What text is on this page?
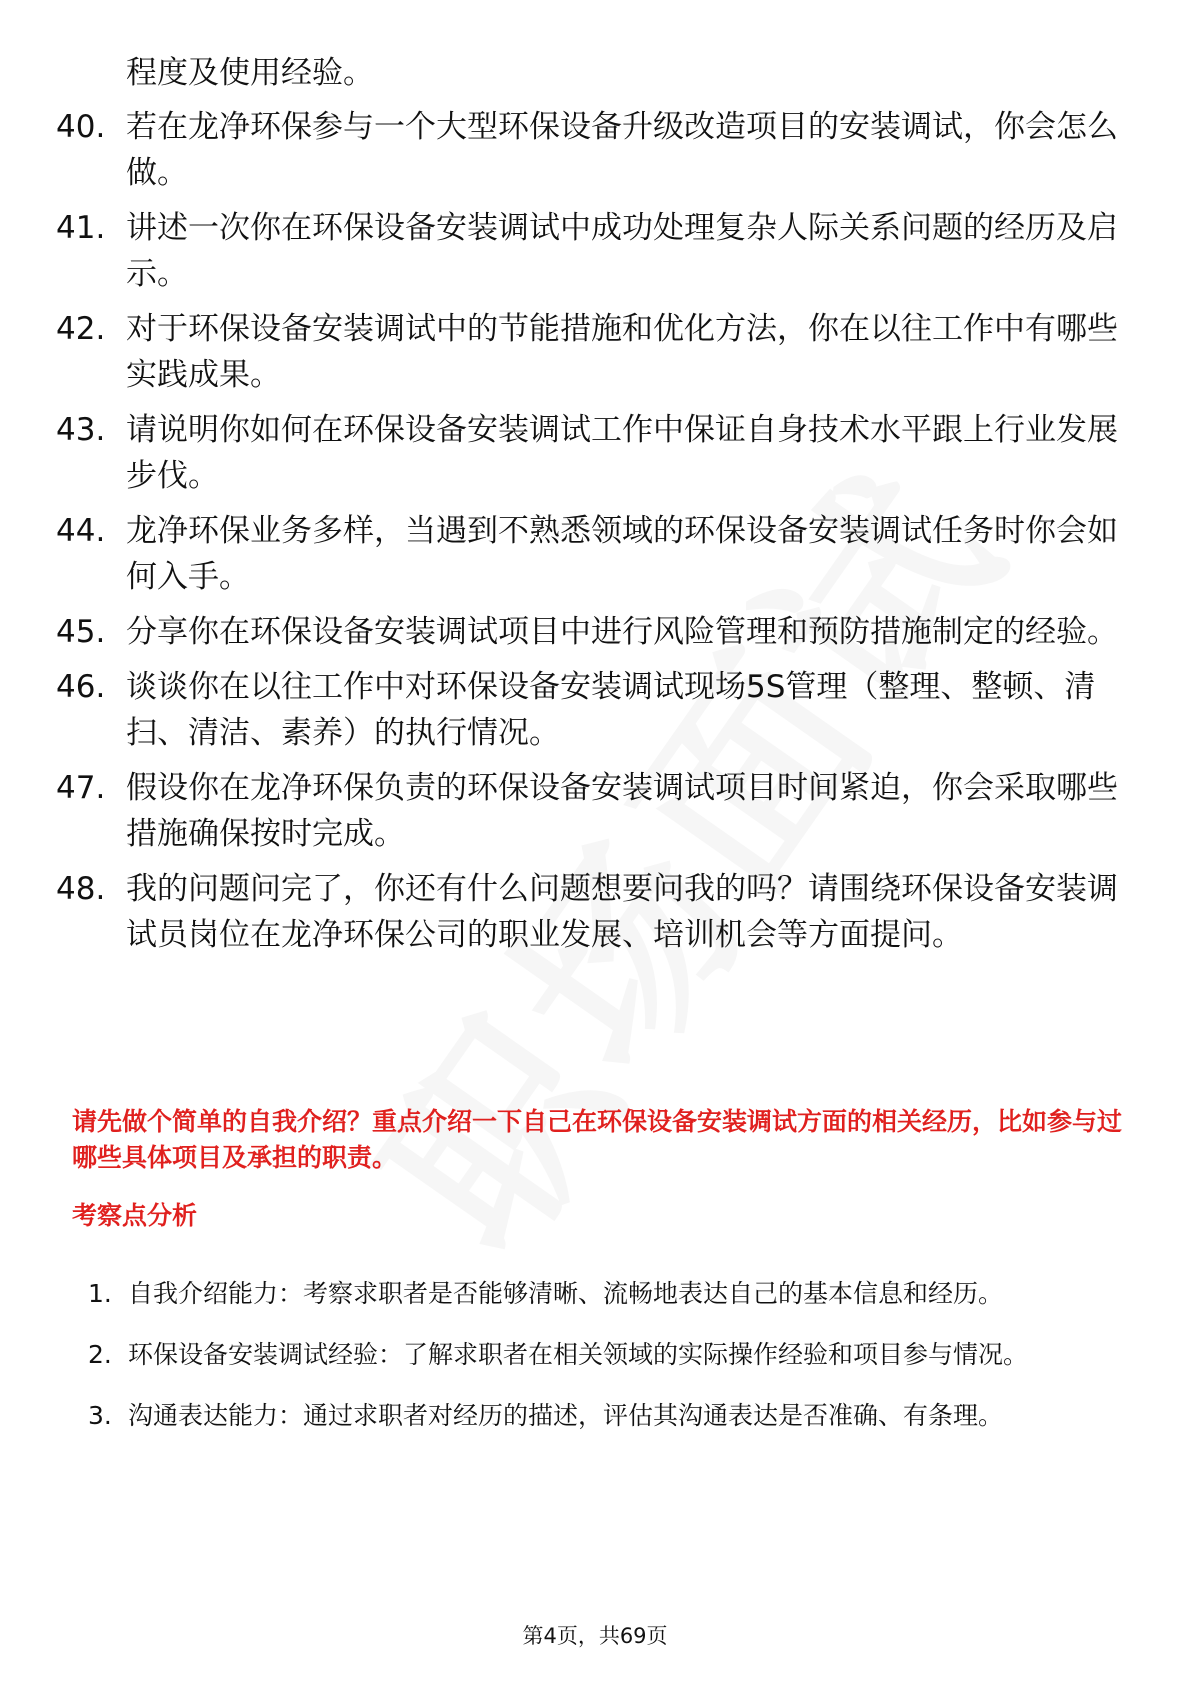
程度及使用经验。
40. 若在龙净环保参与一个大型环保设备升级改造项目的安装调试，你会怎么做。
41. 讲述一次你在环保设备安装调试中成功处理复杂人际关系问题的经历及启示。
42. 对于环保设备安装调试中的节能措施和优化方法，你在以往工作中有哪些实践成果。
43. 请说明你如何在环保设备安装调试工作中保证自身技术水平跟上行业发展步伐。
44. 龙净环保业务多样，当遇到不熟悉领域的环保设备安装调试任务时你会如何入手。
45. 分享你在环保设备安装调试项目中进行风险管理和预防措施制定的经验。
46. 谈谈你在以往工作中对环保设备安装调试现场5S管理（整理、整顿、清扫、清洁、素养）的执行情况。
47. 假设你在龙净环保负责的环保设备安装调试项目时间紧迫，你会采取哪些措施确保按时完成。
48. 我的问题问完了，你还有什么问题想要问我的吗？请围绕环保设备安装调试员岗位在龙净环保公司的职业发展、培训机会等方面提问。
请先做个简单的自我介绍？重点介绍一下自己在环保设备安装调试方面的相关经历，比如参与过哪些具体项目及承担的职责。
考察点分析
1. 自我介绍能力：考察求职者是否能够清晰、流畅地表达自己的基本信息和经历。
2. 环保设备安装调试经验：了解求职者在相关领域的实际操作经验和项目参与情况。
3. 沟通表达能力：通过求职者对经历的描述，评估其沟通表达是否准确、有条理。
第4页，共69页
